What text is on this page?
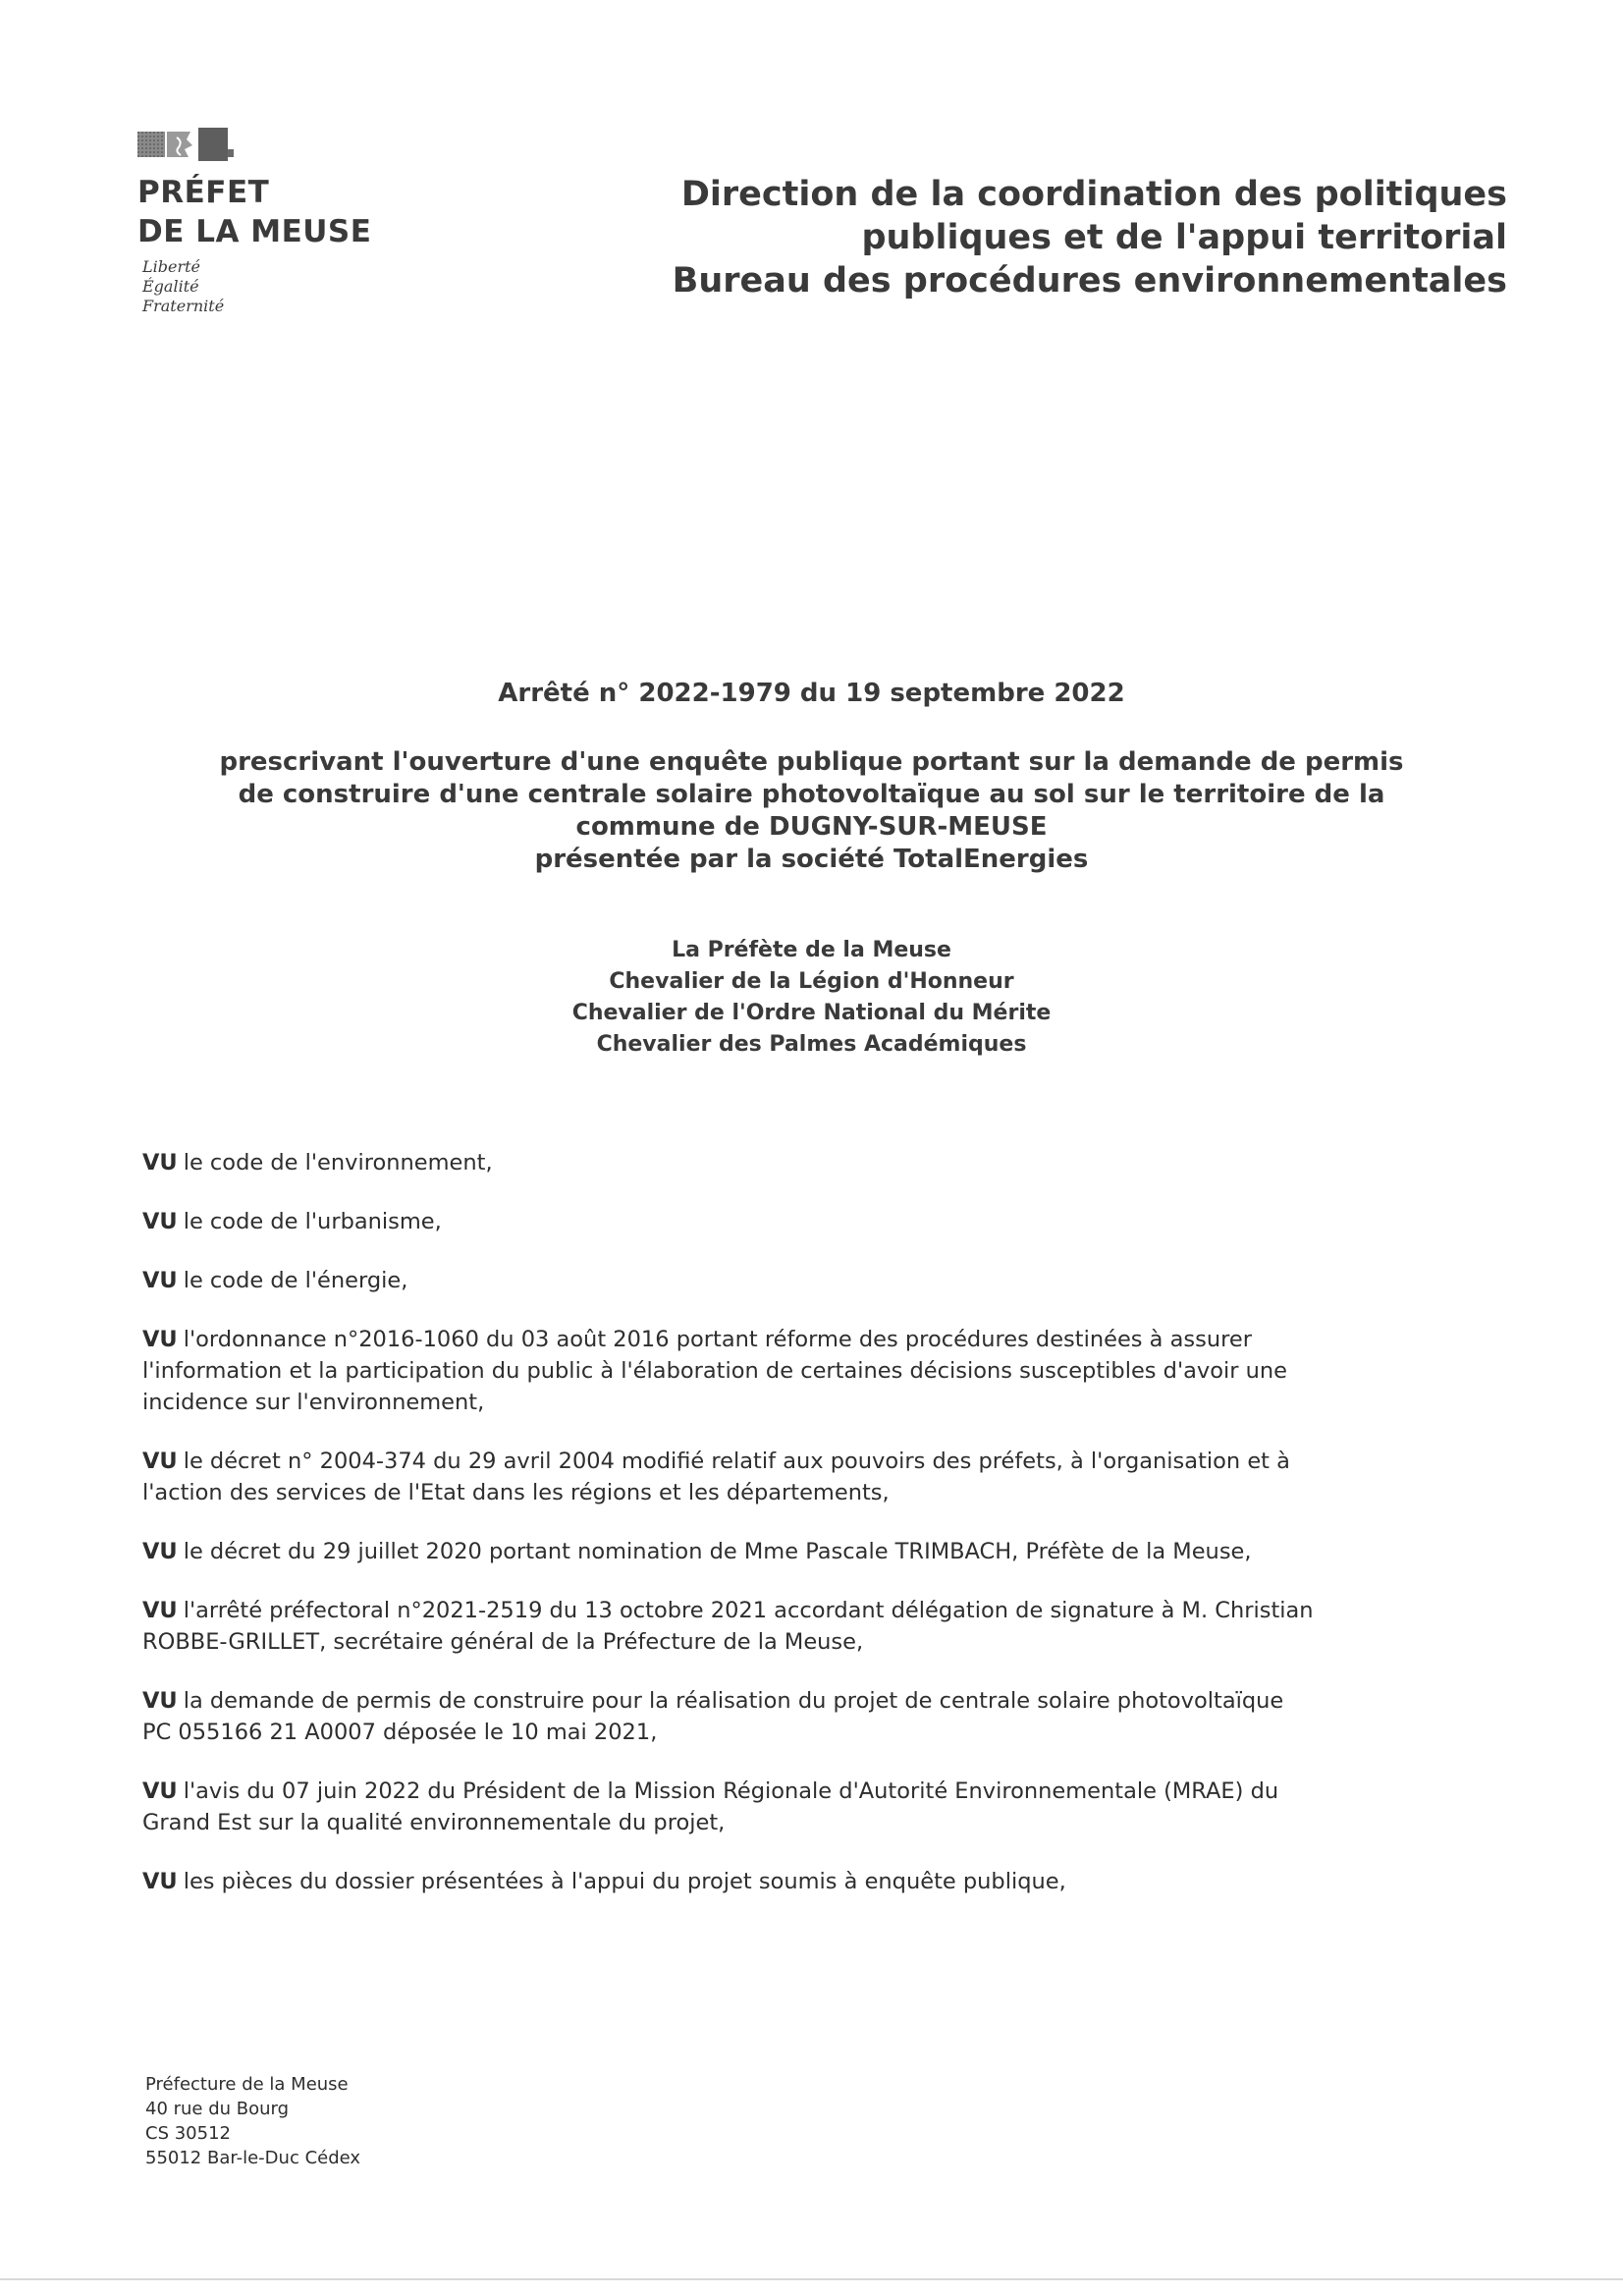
PRÉFET
DE LA MEUSE
Liberté
Égalité
Fraternité
Direction de la coordination des politiques
publiques et de l'appui territorial
Bureau des procédures environnementales
Arrêté n° 2022-1979 du 19 septembre 2022
prescrivant l'ouverture d'une enquête publique portant sur la demande de permis
de construire d'une centrale solaire photovoltaïque au sol sur le territoire de la
commune de DUGNY-SUR-MEUSE
présentée par la société TotalEnergies
La Préfète de la Meuse
Chevalier de la Légion d'Honneur
Chevalier de l'Ordre National du Mérite
Chevalier des Palmes Académiques
VU le code de l'environnement,
VU le code de l'urbanisme,
VU le code de l'énergie,
VU l'ordonnance n°2016-1060 du 03 août 2016 portant réforme des procédures destinées à assurer
l'information et la participation du public à l'élaboration de certaines décisions susceptibles d'avoir une
incidence sur l'environnement,
VU le décret n° 2004-374 du 29 avril 2004 modifié relatif aux pouvoirs des préfets, à l'organisation et à
l'action des services de l'Etat dans les régions et les départements,
VU le décret du 29 juillet 2020 portant nomination de Mme Pascale TRIMBACH, Préfète de la Meuse,
VU l'arrêté préfectoral n°2021-2519 du 13 octobre 2021 accordant délégation de signature à M. Christian
ROBBE-GRILLET, secrétaire général de la Préfecture de la Meuse,
VU la demande de permis de construire pour la réalisation du projet de centrale solaire photovoltaïque
PC 055166 21 A0007 déposée le 10 mai 2021,
VU l'avis du 07 juin 2022 du Président de la Mission Régionale d'Autorité Environnementale (MRAE) du
Grand Est sur la qualité environnementale du projet,
VU les pièces du dossier présentées à l'appui du projet soumis à enquête publique,
Préfecture de la Meuse
40 rue du Bourg
CS 30512
55012 Bar-le-Duc Cédex
